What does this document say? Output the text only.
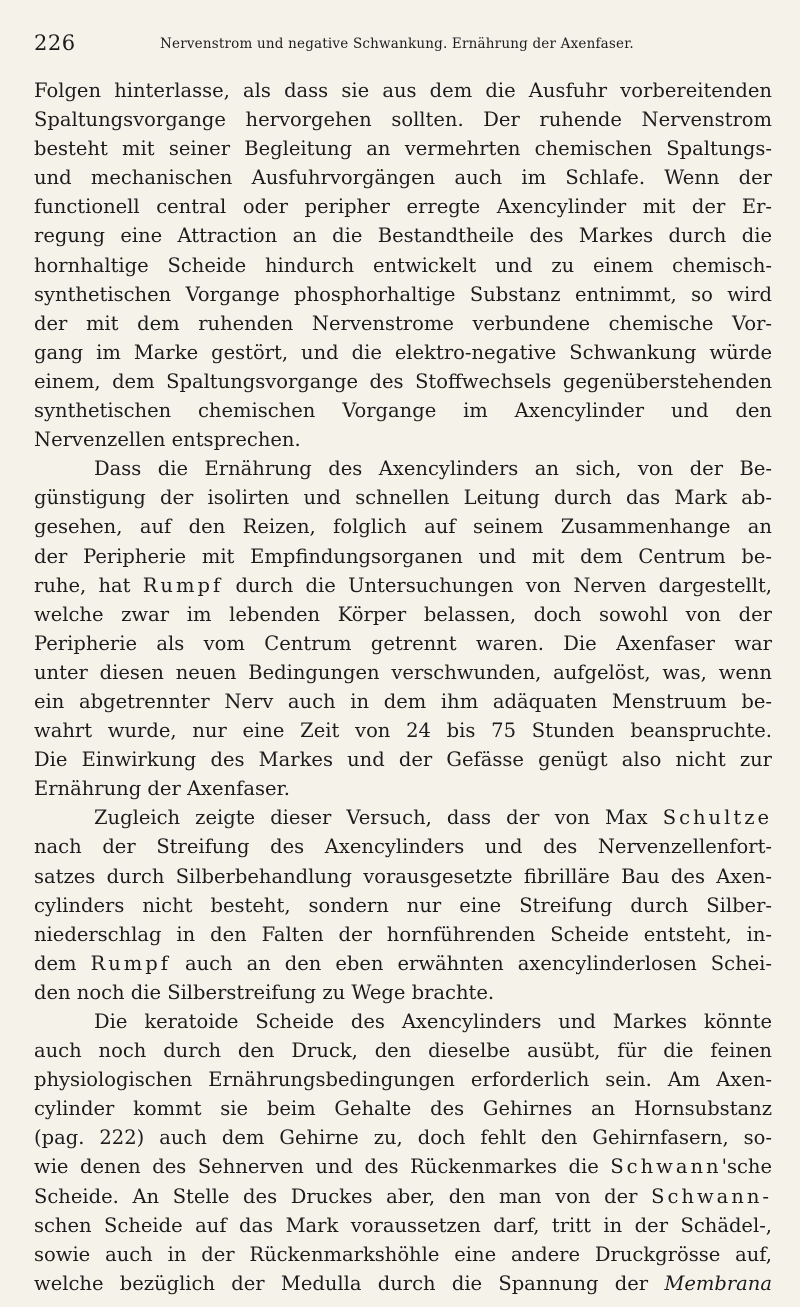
226	Nervenstrom und negative Schwankung. Ernährung der Axenfaser.
Folgen hinterlasse, als dass sie aus dem die Ausfuhr vorbereitenden
Spaltungsvorgange hervorgehen sollten. Der ruhende Nervenstrom
besteht mit seiner Begleitung an vermehrten chemischen Spaltungs-
und mechanischen Ausfuhrvorgängen auch im Schlafe. Wenn der
functionell central oder peripher erregte Axencylinder mit der Er-
regung eine Attraction an die Bestandtheile des Markes durch die
hornhaltige Scheide hindurch entwickelt und zu einem chemisch-
synthetischen Vorgange phosphorhaltige Substanz entnimmt, so wird
der mit dem ruhenden Nervenstrome verbundene chemische Vor-
gang im Marke gestört, und die elektro-negative Schwankung würde
einem, dem Spaltungsvorgange des Stoffwechsels gegenüberstehenden
synthetischen chemischen Vorgange im Axencylinder und den
Nervenzellen entsprechen.
Dass die Ernährung des Axencylinders an sich, von der Be-
günstigung der isolirten und schnellen Leitung durch das Mark ab-
gesehen, auf den Reizen, folglich auf seinem Zusammenhange an
der Peripherie mit Empfindungsorganen und mit dem Centrum be-
ruhe, hat Rumpf durch die Untersuchungen von Nerven dargestellt,
welche zwar im lebenden Körper belassen, doch sowohl von der
Peripherie als vom Centrum getrennt waren. Die Axenfaser war
unter diesen neuen Bedingungen verschwunden, aufgelöst, was, wenn
ein abgetrennter Nerv auch in dem ihm adäquaten Menstruum be-
wahrt wurde, nur eine Zeit von 24 bis 75 Stunden beanspruchte.
Die Einwirkung des Markes und der Gefässe genügt also nicht zur
Ernährung der Axenfaser.
Zugleich zeigte dieser Versuch, dass der von Max Schultze
nach der Streifung des Axencylinders und des Nervenzellenfort-
satzes durch Silberbehandlung vorausgesetzte fibrilläre Bau des Axen-
cylinders nicht besteht, sondern nur eine Streifung durch Silber-
niederschlag in den Falten der hornführenden Scheide entsteht, in-
dem Rumpf auch an den eben erwähnten axencylinderlosen Schei-
den noch die Silberstreifung zu Wege brachte.
Die keratoide Scheide des Axencylinders und Markes könnte
auch noch durch den Druck, den dieselbe ausübt, für die feinen
physiologischen Ernährungsbedingungen erforderlich sein. Am Axen-
cylinder kommt sie beim Gehalte des Gehirnes an Hornsubstanz
(pag. 222) auch dem Gehirne zu, doch fehlt den Gehirnfasern, so-
wie denen des Sehnerven und des Rückenmarkes die Schwann'sche
Scheide. An Stelle des Druckes aber, den man von der Schwann-
schen Scheide auf das Mark voraussetzen darf, tritt in der Schädel-,
sowie auch in der Rückenmarkshöhle eine andere Druckgrösse auf,
welche bezüglich der Medulla durch die Spannung der Membrana
